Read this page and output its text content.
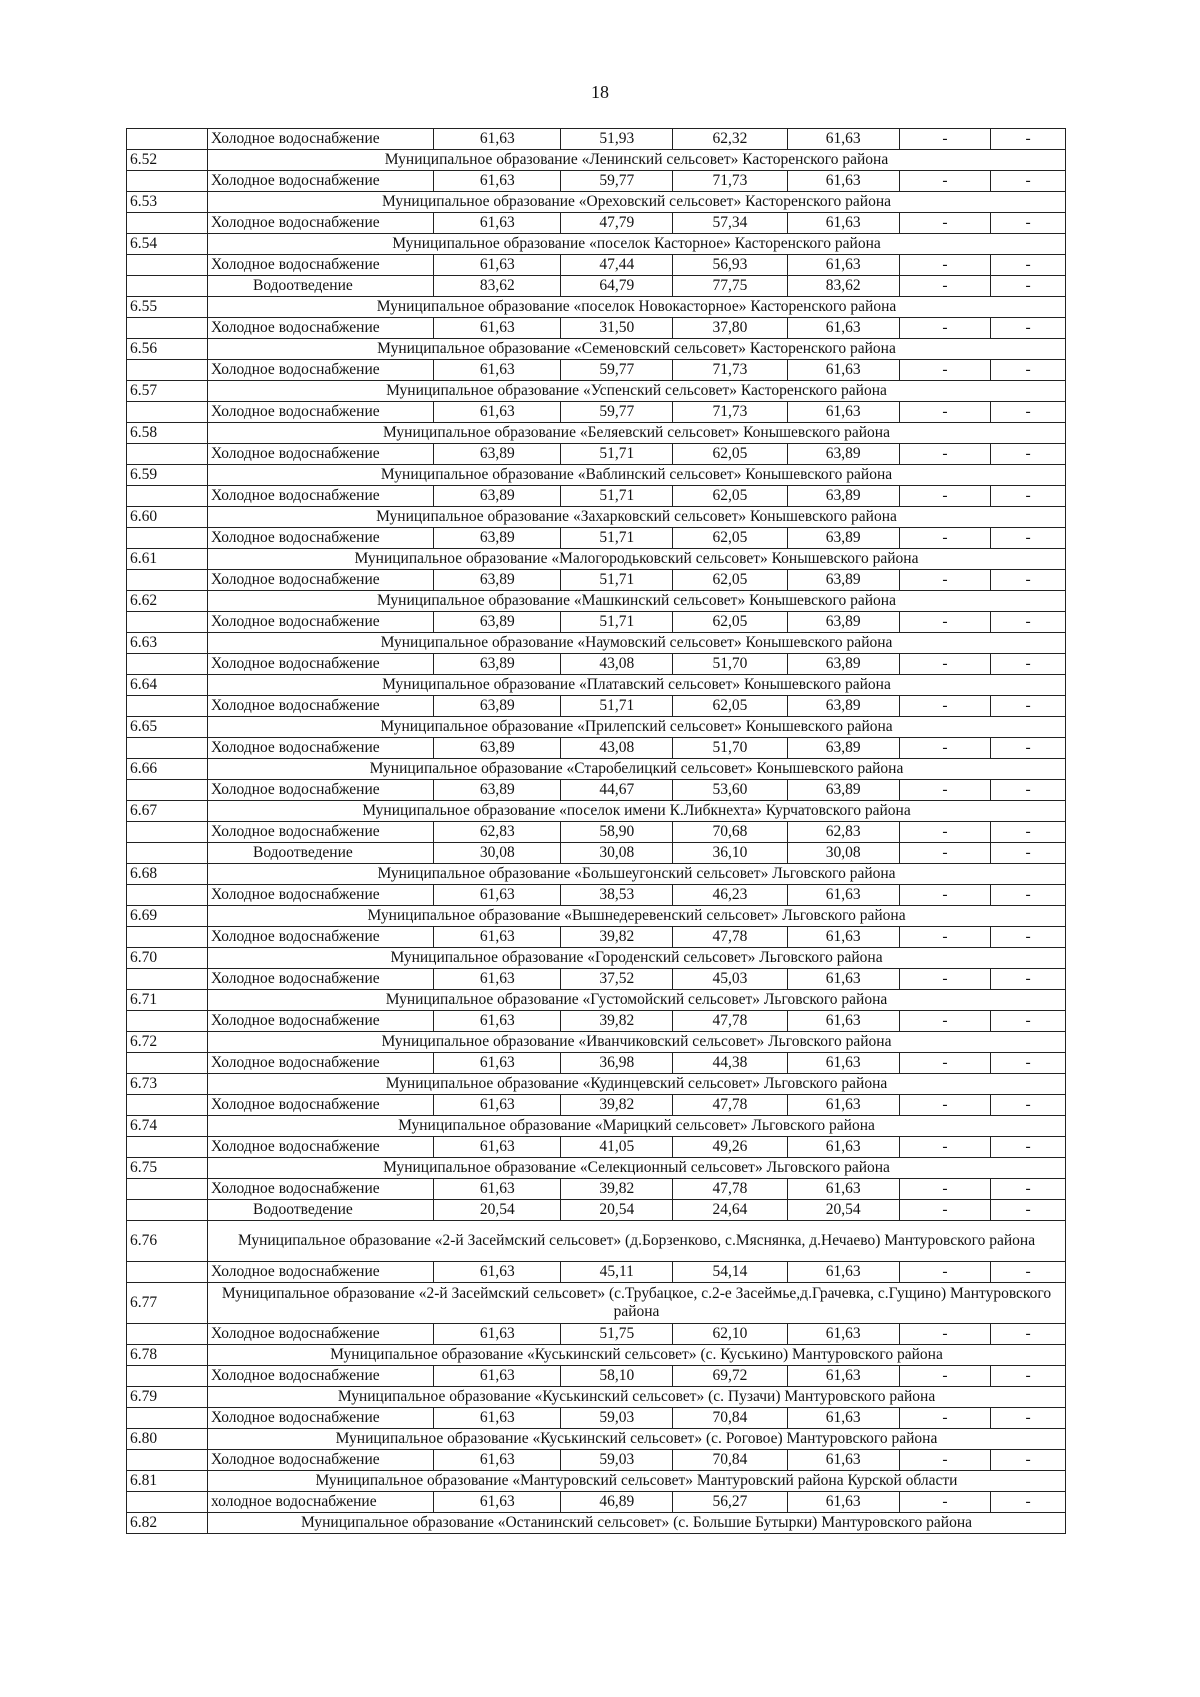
18
	Холодное водоснабжение	61,63	51,93	62,32	61,63	-	-
6.52	Муниципальное образование «Ленинский сельсовет» Касторенского района						
	Холодное водоснабжение	61,63	59,77	71,73	61,63	-	-
6.53	Муниципальное образование «Ореховский сельсовет» Касторенского района						
	Холодное водоснабжение	61,63	47,79	57,34	61,63	-	-
6.54	Муниципальное образование «поселок Касторное» Касторенского района						
	Холодное водоснабжение	61,63	47,44	56,93	61,63	-	-
	Водоотведение	83,62	64,79	77,75	83,62	-	-
6.55	Муниципальное образование «поселок Новокасторное» Касторенского района						
	Холодное водоснабжение	61,63	31,50	37,80	61,63	-	-
6.56	Муниципальное образование «Семеновский сельсовет» Касторенского района						
	Холодное водоснабжение	61,63	59,77	71,73	61,63	-	-
6.57	Муниципальное образование «Успенский сельсовет» Касторенского района						
	Холодное водоснабжение	61,63	59,77	71,73	61,63	-	-
6.58	Муниципальное образование «Беляевский сельсовет» Конышевского района						
	Холодное водоснабжение	63,89	51,71	62,05	63,89	-	-
6.59	Муниципальное образование «Ваблинский сельсовет» Конышевского района						
	Холодное водоснабжение	63,89	51,71	62,05	63,89	-	-
6.60	Муниципальное образование «Захарковский сельсовет» Конышевского района						
	Холодное водоснабжение	63,89	51,71	62,05	63,89	-	-
6.61	Муниципальное образование «Малогородьковский сельсовет» Конышевского района						
	Холодное водоснабжение	63,89	51,71	62,05	63,89	-	-
6.62	Муниципальное образование «Машкинский сельсовет» Конышевского района						
	Холодное водоснабжение	63,89	51,71	62,05	63,89	-	-
6.63	Муниципальное образование «Наумовский сельсовет» Конышевского района						
	Холодное водоснабжение	63,89	43,08	51,70	63,89	-	-
6.64	Муниципальное образование «Платавский сельсовет» Конышевского района						
	Холодное водоснабжение	63,89	51,71	62,05	63,89	-	-
6.65	Муниципальное образование «Прилепский сельсовет» Конышевского района						
	Холодное водоснабжение	63,89	43,08	51,70	63,89	-	-
6.66	Муниципальное образование «Старобелицкий сельсовет» Конышевского района						
	Холодное водоснабжение	63,89	44,67	53,60	63,89	-	-
6.67	Муниципальное образование «поселок имени К.Либкнехта» Курчатовского района						
	Холодное водоснабжение	62,83	58,90	70,68	62,83	-	-
	Водоотведение	30,08	30,08	36,10	30,08	-	-
6.68	Муниципальное образование «Большеугонский сельсовет» Льговского района						
	Холодное водоснабжение	61,63	38,53	46,23	61,63	-	-
6.69	Муниципальное образование «Вышнедеревенский сельсовет» Льговского района						
	Холодное водоснабжение	61,63	39,82	47,78	61,63	-	-
6.70	Муниципальное образование «Городенский сельсовет» Льговского района						
	Холодное водоснабжение	61,63	37,52	45,03	61,63	-	-
6.71	Муниципальное образование «Густомойский сельсовет» Льговского района						
	Холодное водоснабжение	61,63	39,82	47,78	61,63	-	-
6.72	Муниципальное образование «Иванчиковский сельсовет» Льговского района						
	Холодное водоснабжение	61,63	36,98	44,38	61,63	-	-
6.73	Муниципальное образование «Кудинцевский сельсовет» Льговского района						
	Холодное водоснабжение	61,63	39,82	47,78	61,63	-	-
6.74	Муниципальное образование «Марицкий сельсовет» Льговского района						
	Холодное водоснабжение	61,63	41,05	49,26	61,63	-	-
6.75	Муниципальное образование «Селекционный сельсовет» Льговского района						
	Холодное водоснабжение	61,63	39,82	47,78	61,63	-	-
	Водоотведение	20,54	20,54	24,64	20,54	-	-
6.76	Муниципальное образование «2-й Засеймский сельсовет» (д.Борзенково, с.Мяснянка, д.Нечаево) Мантуровского района						
	Холодное водоснабжение	61,63	45,11	54,14	61,63	-	-
6.77	Муниципальное образование «2-й Засеймский сельсовет» (с.Трубацкое, с.2-е Засеймье,д.Грачевка, с.Гущино) Мантуровского района						
	Холодное водоснабжение	61,63	51,75	62,10	61,63	-	-
6.78	Муниципальное образование «Куськинский сельсовет» (с. Куськино) Мантуровского района						
	Холодное водоснабжение	61,63	58,10	69,72	61,63	-	-
6.79	Муниципальное образование «Куськинский сельсовет» (с. Пузачи) Мантуровского района						
	Холодное водоснабжение	61,63	59,03	70,84	61,63	-	-
6.80	Муниципальное образование «Куськинский сельсовет» (с. Роговое) Мантуровского района						
	Холодное водоснабжение	61,63	59,03	70,84	61,63	-	-
6.81	Муниципальное образование «Мантуровский сельсовет» Мантуровский района Курской области						
	холодное водоснабжение	61,63	46,89	56,27	61,63	-	-
6.82	Муниципальное образование «Останинский сельсовет» (с. Большие Бутырки) Мантуровского района						
